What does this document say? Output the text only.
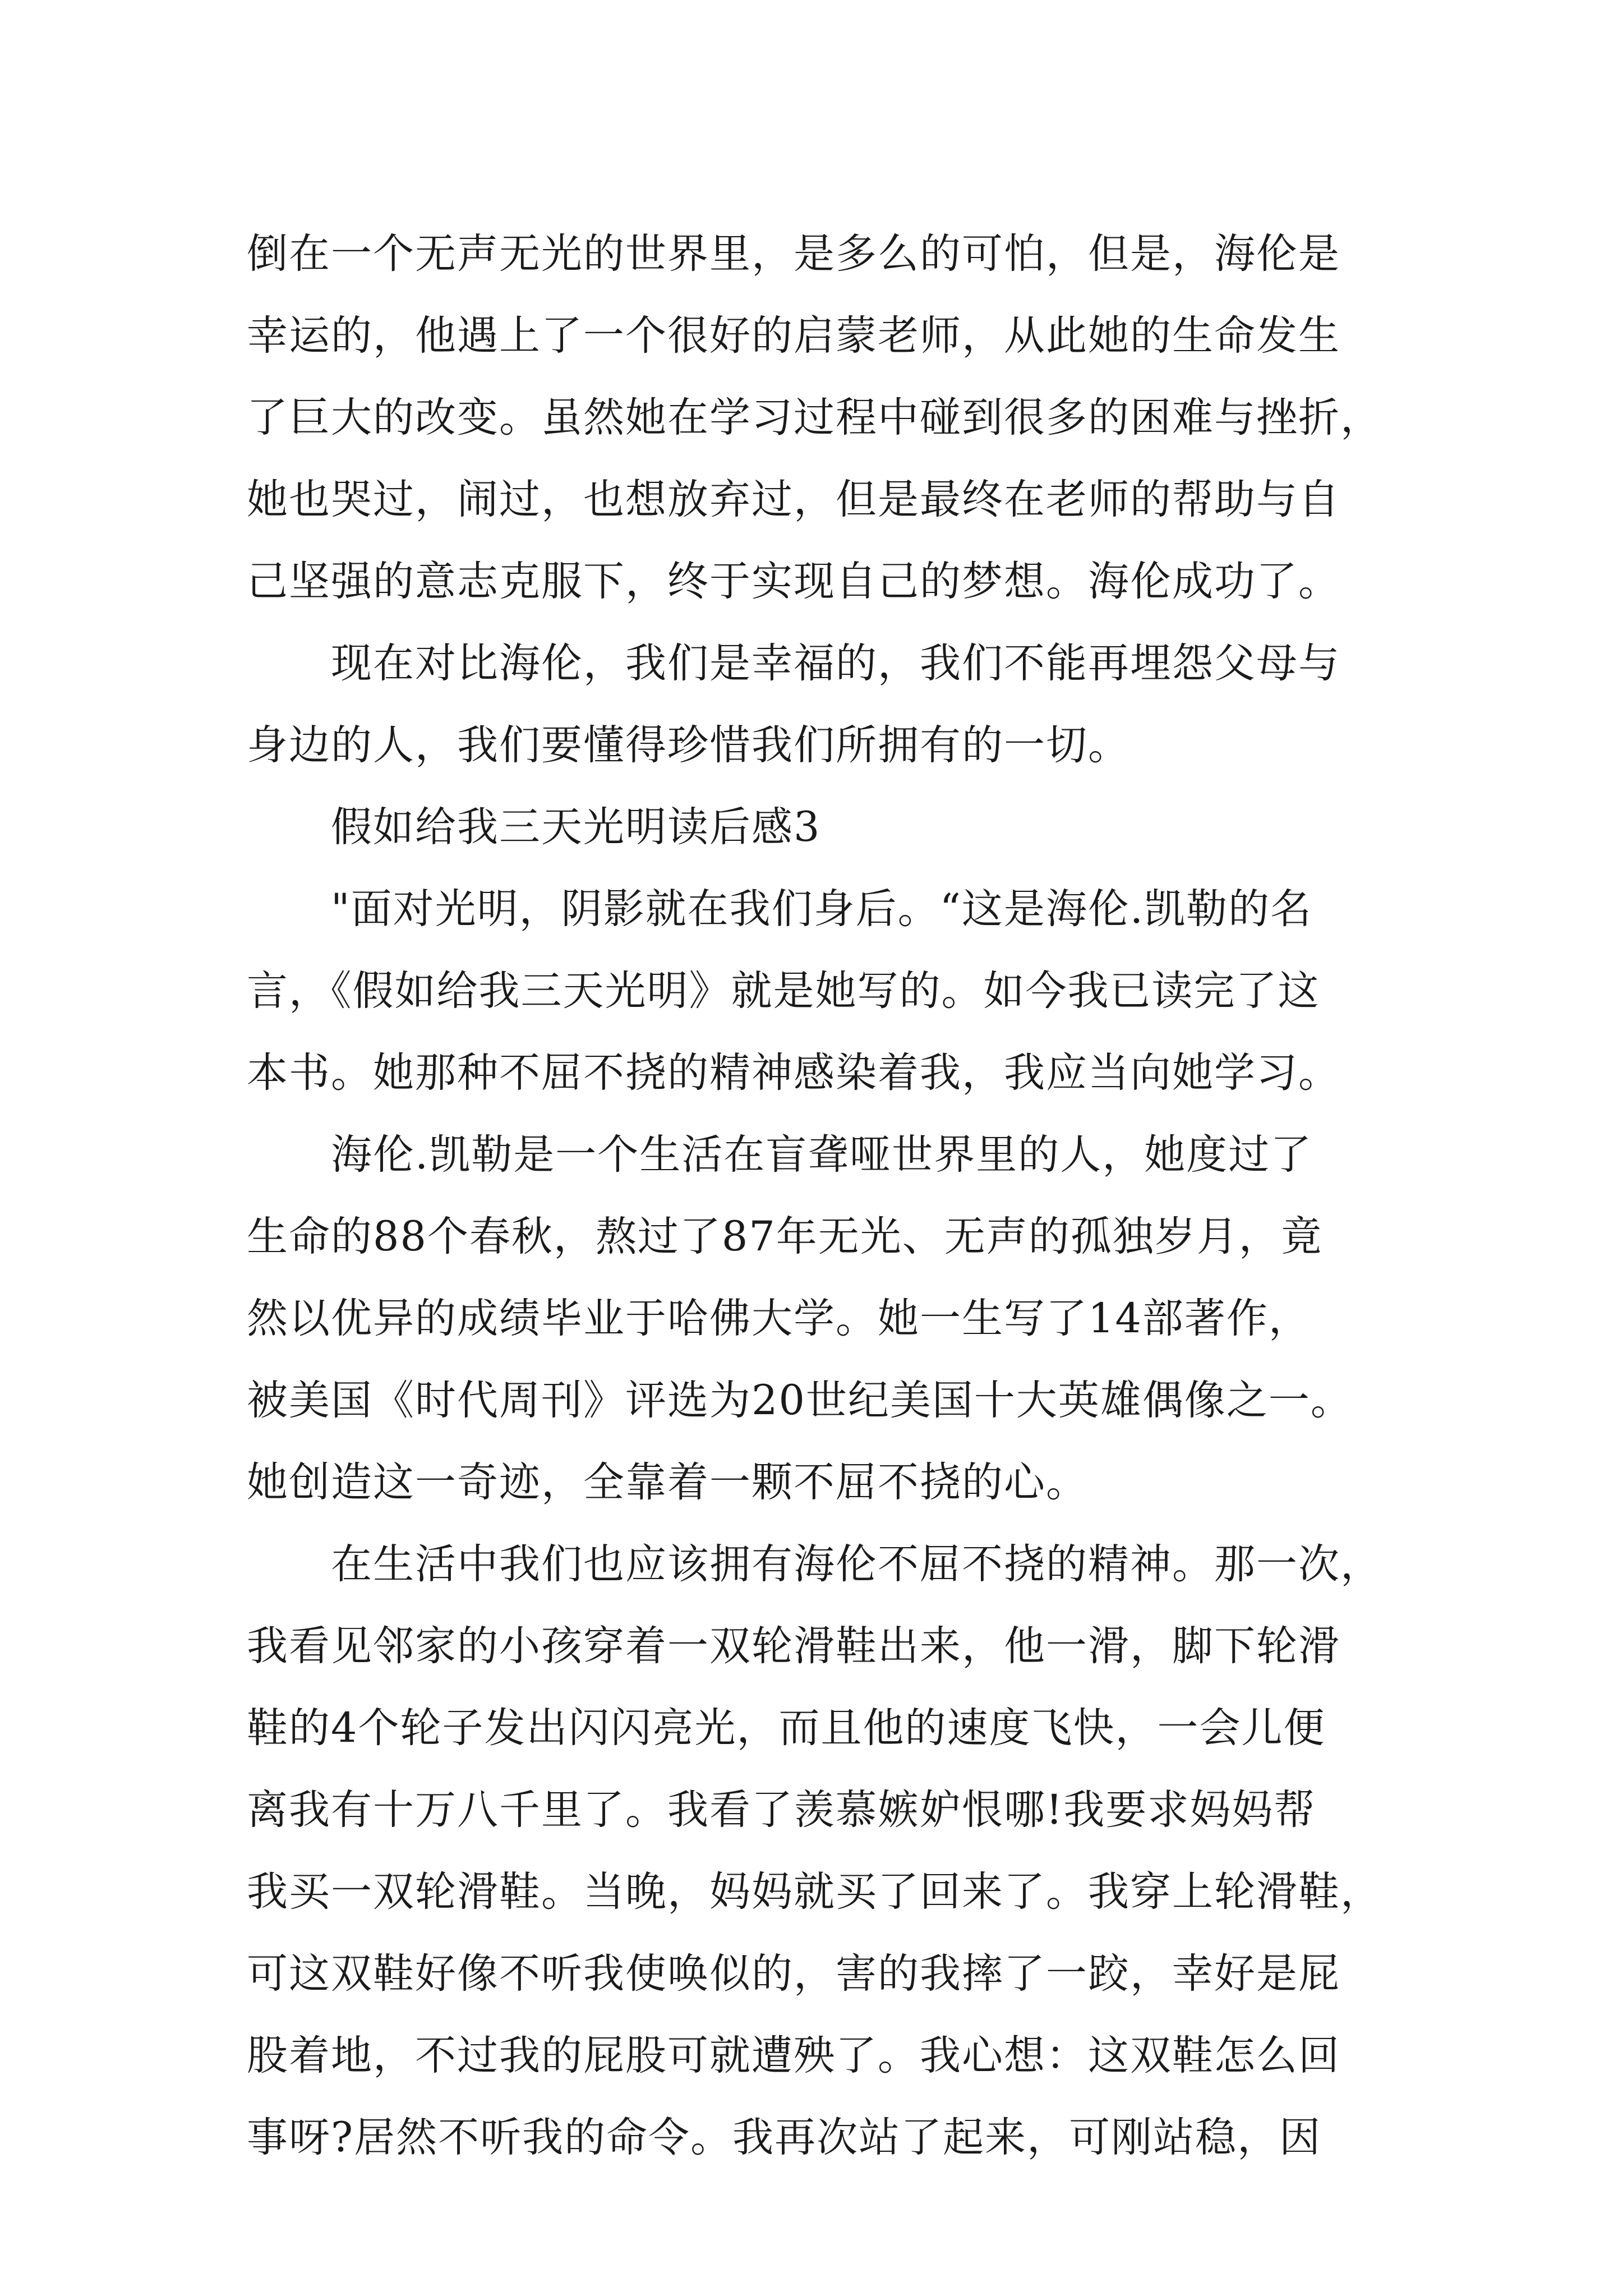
倒在一个无声无光的世界里，是多么的可怕，但是，海伦是
幸运的，他遇上了一个很好的启蒙老师，从此她的生命发生
了巨大的改变。虽然她在学习过程中碰到很多的困难与挫折，
她也哭过，闹过，也想放弃过，但是最终在老师的帮助与自
己坚强的意志克服下，终于实现自己的梦想。海伦成功了。
现在对比海伦，我们是幸福的，我们不能再埋怨父母与
身边的人，我们要懂得珍惜我们所拥有的一切。
假如给我三天光明读后感3
"面对光明，阴影就在我们身后。“这是海伦.凯勒的名
言，《假如给我三天光明》就是她写的。如今我已读完了这
本书。她那种不屈不挠的精神感染着我，我应当向她学习。
海伦.凯勒是一个生活在盲聋哑世界里的人，她度过了
生命的88个春秋，熬过了87年无光、无声的孤独岁月，竟
然以优异的成绩毕业于哈佛大学。她一生写了14部著作，
被美国《时代周刊》评选为20世纪美国十大英雄偶像之一。
她创造这一奇迹，全靠着一颗不屈不挠的心。
在生活中我们也应该拥有海伦不屈不挠的精神。那一次，
我看见邻家的小孩穿着一双轮滑鞋出来，他一滑，脚下轮滑
鞋的4个轮子发出闪闪亮光，而且他的速度飞快，一会儿便
离我有十万八千里了。我看了羡慕嫉妒恨哪!我要求妈妈帮
我买一双轮滑鞋。当晚，妈妈就买了回来了。我穿上轮滑鞋，
可这双鞋好像不听我使唤似的，害的我摔了一跤，幸好是屁
股着地，不过我的屁股可就遭殃了。我心想：这双鞋怎么回
事呀?居然不听我的命令。我再次站了起来，可刚站稳，因
